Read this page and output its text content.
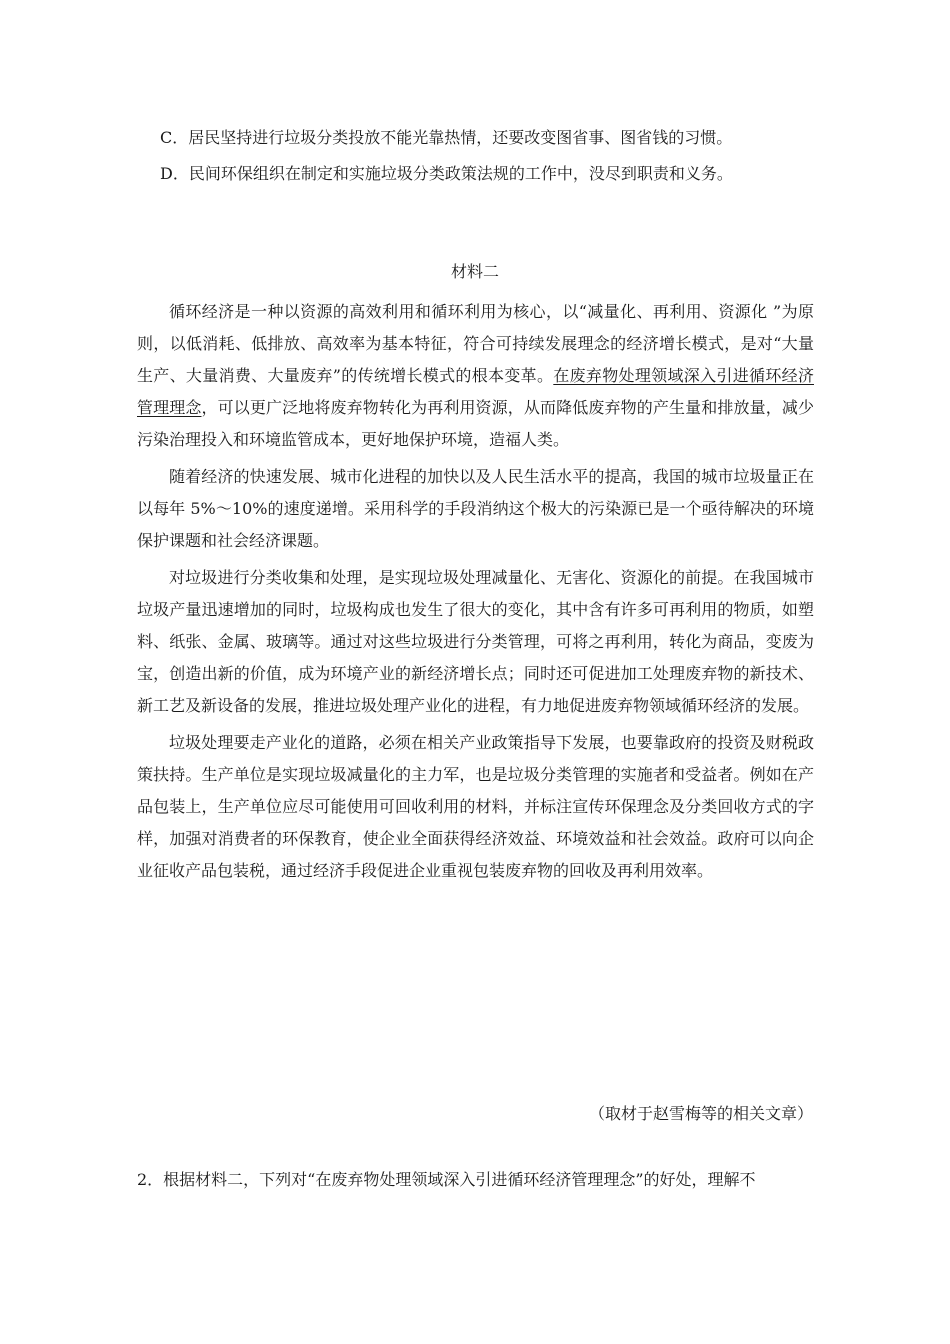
C．居民坚持进行垃圾分类投放不能光靠热情，还要改变图省事、图省钱的习惯。
D．民间环保组织在制定和实施垃圾分类政策法规的工作中，没尽到职责和义务。
材料二

循环经济是一种以资源的高效利用和循环利用为核心，以“减量化、再利用、资源化 ”为原则，以低消耗、低排放、高效率为基本特征，符合可持续发展理念的经济增长模式，是对“大量生产、大量消费、大量废弃”的传统增长模式的根本变革。在废弃物处理领域深入引进循环经济管理理念，可以更广泛地将废弃物转化为再利用资源，从而降低废弃物的产生量和排放量，减少污染治理投入和环境监管成本，更好地保护环境，造福人类。

随着经济的快速发展、城市化进程的加快以及人民生活水平的提高，我国的城市垃圾量正在以每年 5%～10%的速度递增。采用科学的手段消纳这个极大的污染源已是一个亟待解决的环境保护课题和社会经济课题。

对垃圾进行分类收集和处理，是实现垃圾处理减量化、无害化、资源化的前提。在我国城市垃圾产量迅速增加的同时，垃圾构成也发生了很大的变化，其中含有许多可再利用的物质，如塑料、纸张、金属、玻璃等。通过对这些垃圾进行分类管理，可将之再利用，转化为商品，变废为宝，创造出新的价值，成为环境产业的新经济增长点；同时还可促进加工处理废弃物的新技术、新工艺及新设备的发展，推进垃圾处理产业化的进程，有力地促进废弃物领域循环经济的发展。

垃圾处理要走产业化的道路，必须在相关产业政策指导下发展，也要靠政府的投资及财税政策扶持。生产单位是实现垃圾减量化的主力军，也是垃圾分类管理的实施者和受益者。例如在产品包装上，生产单位应尽可能使用可回收利用的材料，并标注宣传环保理念及分类回收方式的字样，加强对消费者的环保教育，使企业全面获得经济效益、环境效益和社会效益。政府可以向企业征收产品包装税，通过经济手段促进企业重视包装废弃物的回收及再利用效率。

（取材于赵雪梅等的相关文章）
2．根据材料二，下列对“在废弃物处理领域深入引进循环经济管理理念”的好处，理解不
